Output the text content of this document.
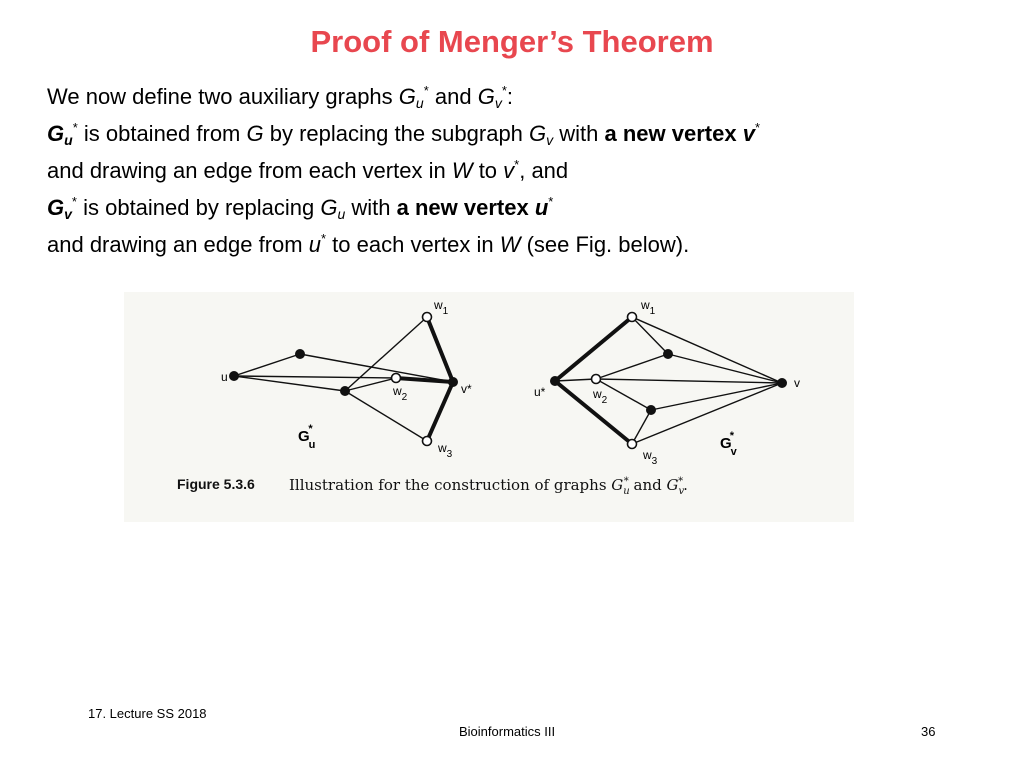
Proof of Menger’s Theorem
We now define two auxiliary graphs $G_u^*$ and $G_v^*$:
$G_u^*$ is obtained from G by replacing the subgraph $G_v$ with a new vertex v*
and drawing an edge from each vertex in W to v*, and
$G_v^*$ is obtained by replacing $G_u$ with a new vertex u*
and drawing an edge from u* to each vertex in W (see Fig. below).
u
$w_1$
$w_2$
$w_3$
v*
Gu*
u*
$w_1$
$w_2$
$w_3$
v
Gv*
Figure 5.3.6 Illustration for the construction of graphs $G_u*$ and $G_v*$.
17. Lecture SS 2018
Bioinformatics III	36
